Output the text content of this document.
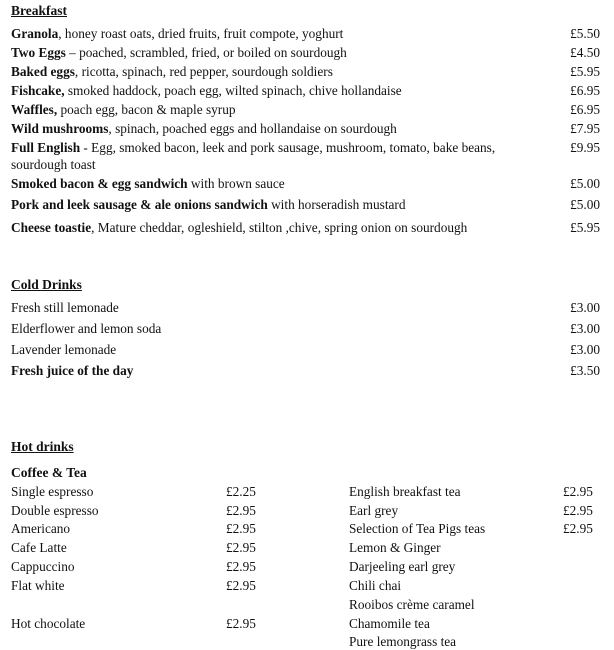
Breakfast
Granola, honey roast oats, dried fruits, fruit compote, yoghurt	£5.50
Two Eggs – poached, scrambled, fried, or boiled on sourdough	£4.50
Baked eggs, ricotta, spinach, red pepper, sourdough soldiers	£5.95
Fishcake, smoked haddock, poach egg, wilted spinach, chive hollandaise	£6.95
Waffles, poach egg, bacon & maple syrup	£6.95
Wild mushrooms, spinach, poached eggs and hollandaise on sourdough	£7.95
Full English - Egg, smoked bacon, leek and pork sausage, mushroom, tomato, bake beans,
sourdough toast
£9.95
Smoked bacon & egg sandwich with brown sauce	£5.00
Pork and leek sausage & ale onions sandwich with horseradish mustard	£5.00
Cheese toastie, Mature cheddar, ogleshield, stilton ,chive, spring onion on sourdough	£5.95
Cold Drinks
Fresh still lemonade	£3.00
Elderflower and lemon soda	£3.00
Lavender lemonade	£3.00
Fresh juice of the day	£3.50
Hot drinks
Coffee & Tea
Single espresso	£2.25
Double espresso	£2.95
Americano	£2.95
Cafe Latte	£2.95
Cappuccino	£2.95
Flat white	£2.95
Hot chocolate	£2.95
English breakfast tea	£2.95
Earl grey	£2.95
Selection of Tea Pigs teas	£2.95
Lemon & Ginger
Darjeeling earl grey
Chili chai
Rooibos crème caramel
Chamomile tea
Pure lemongrass tea
